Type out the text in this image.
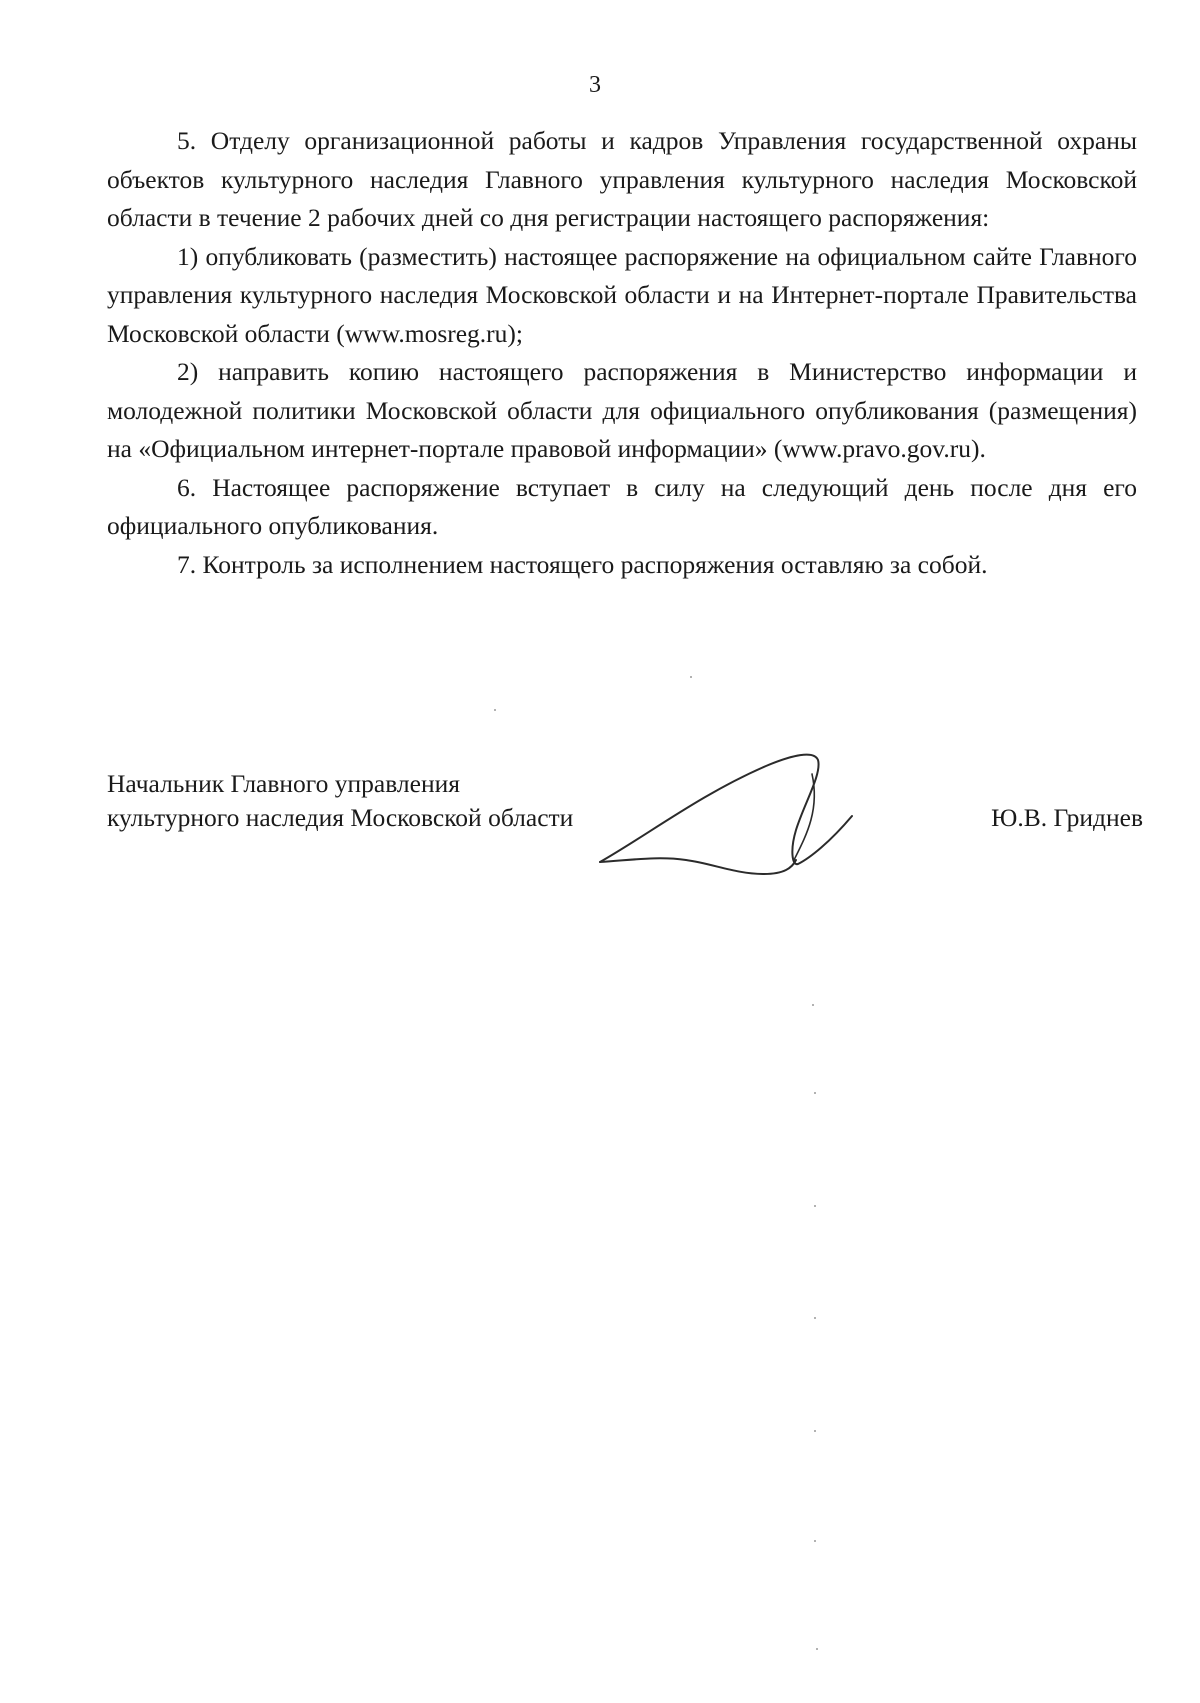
3

5. Отделу организационной работы и кадров Управления государственной охраны объектов культурного наследия Главного управления культурного наследия Московской области в течение 2 рабочих дней со дня регистрации настоящего распоряжения:

1) опубликовать (разместить) настоящее распоряжение на официальном сайте Главного управления культурного наследия Московской области и на Интернет-портале Правительства Московской области (www.mosreg.ru);

2) направить копию настоящего распоряжения в Министерство информации и молодежной политики Московской области для официального опубликования (размещения) на «Официальном интернет-портале правовой информации» (www.pravo.gov.ru).

6. Настоящее распоряжение вступает в силу на следующий день после дня его официального опубликования.

7. Контроль за исполнением настоящего распоряжения оставляю за собой.

Начальник Главного управления
культурного наследия Московской области	Ю.В. Гриднев
